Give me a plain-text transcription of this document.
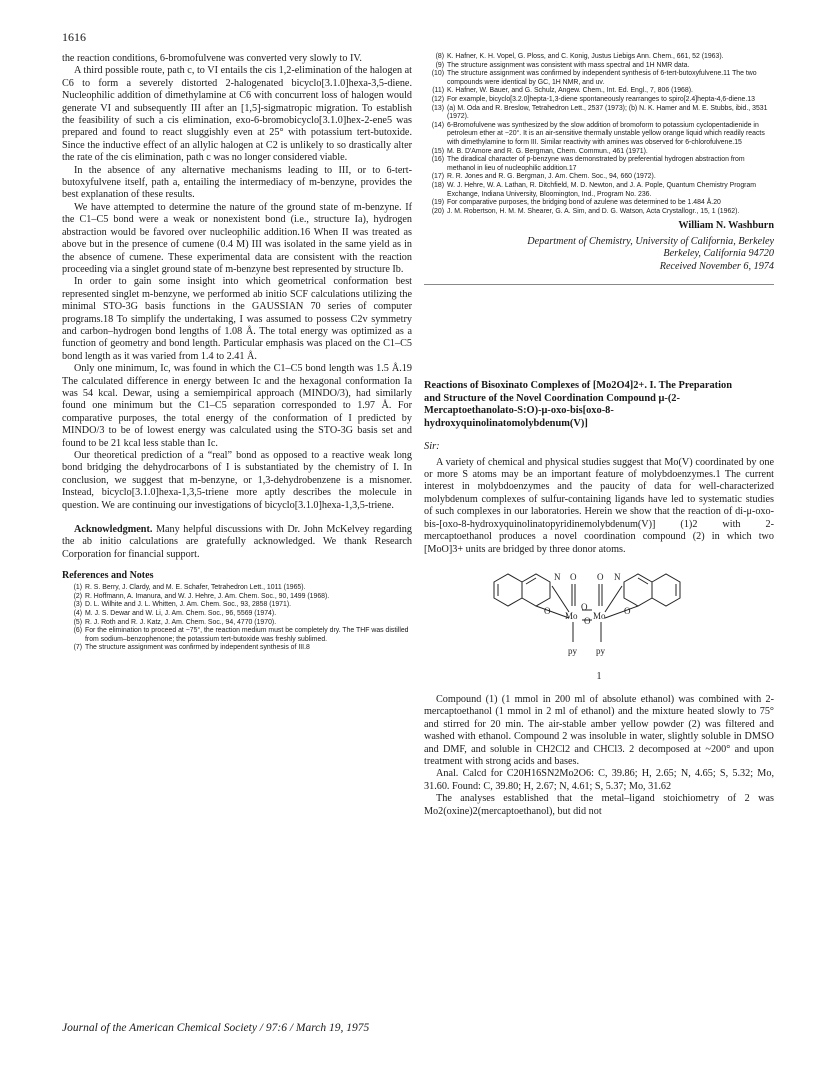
1616

the reaction conditions, 6-bromofulvene was converted very slowly to IV.

A third possible route, path c, to VI entails the cis 1,2-elimination of the halogen at C6 to form a severely distorted 2-halogenated bicyclo[3.1.0]hexa-3,5-diene. Nucleophilic addition of dimethylamine at C6 with concurrent loss of halogen would generate VI and subsequently III after an [1,5]-sigmatropic migration. To establish the feasibility of such a cis elimination, exo-6-bromobicyclo[3.1.0]hex-2-ene5 was prepared and found to react sluggishly even at 25° with potassium tert-butoxide. Since the inductive effect of an allylic halogen at C2 is unlikely to so drastically alter the rate of the cis elimination, path c was no longer considered viable.

In the absence of any alternative mechanisms leading to III, or to 6-tert-butoxyfulvene itself, path a, entailing the intermediacy of m-benzyne, provides the best explanation of these results.

We have attempted to determine the nature of the ground state of m-benzyne. If the C1–C5 bond were a weak or nonexistent bond (i.e., structure Ia), hydrogen abstraction would be favored over nucleophilic addition.16 When II was treated as above but in the presence of cumene (0.4 M) III was isolated in the same yield as in the absence of cumene. These experimental data are consistent with the reaction proceeding via a singlet ground state of m-benzyne best represented by structure Ib.

In order to gain some insight into which geometrical conformation best represented singlet m-benzyne, we performed ab initio SCF calculations utilizing the minimal STO-3G basis functions in the GAUSSIAN 70 series of computer programs.18 To simplify the undertaking, I was assumed to possess C2v symmetry and carbon–hydrogen bond lengths of 1.08 Å. The total energy was optimized as a function of geometry and bond length. Particular emphasis was placed on the C1–C5 bond length as it was varied from 1.4 to 2.41 Å.

Only one minimum, Ic, was found in which the C1–C5 bond length was 1.5 Å.19 The calculated difference in energy between Ic and the hexagonal conformation Ia was 54 kcal. Dewar, using a semiempirical approach (MINDO/3), had similarly found one minimum but the C1–C5 separation corresponded to 1.97 Å. For comparative purposes, the total energy of the conformation of I predicted by MINDO/3 to be of lowest energy was calculated using the STO-3G basis set and found to be 21 kcal less stable than Ic.

Our theoretical prediction of a “real” bond as opposed to a reactive weak long bond bridging the dehydrocarbons of I is substantiated by the chemistry of I. In conclusion, we suggest that m-benzyne, or 1,3-dehydrobenzene is a misnomer. Instead, bicyclo[3.1.0]hexa-1,3,5-triene more aptly describes the molecule in question. We are continuing our investigations of bicyclo[3.1.0]hexa-1,3,5-triene.

Acknowledgment. Many helpful discussions with Dr. John McKelvey regarding the ab initio calculations are gratefully acknowledged. We thank Research Corporation for financial support.

References and Notes
(1) R. S. Berry, J. Clardy, and M. E. Schafer, Tetrahedron Lett., 1011 (1965).
(2) R. Hoffmann, A. Imanura, and W. J. Hehre, J. Am. Chem. Soc., 90, 1499 (1968).
(3) D. L. Wilhite and J. L. Whitten, J. Am. Chem. Soc., 93, 2858 (1971).
(4) M. J. S. Dewar and W. Li, J. Am. Chem. Soc., 96, 5569 (1974).
(5) R. J. Roth and R. J. Katz, J. Am. Chem. Soc., 94, 4770 (1970).
(6) For the elimination to proceed at −75°, the reaction medium must be completely dry. The THF was distilled from sodium–benzophenone; the potassium tert-butoxide was freshly sublimed.
(7) The structure assignment was confirmed by independent synthesis of III.8
(8) K. Hafner, K. H. Vopel, G. Ploss, and C. Konig, Justus Liebigs Ann. Chem., 661, 52 (1963).
(9) The structure assignment was consistent with mass spectral and 1H NMR data.
(10) The structure assignment was confirmed by independent synthesis of 6-tert-butoxyfulvene.11 The two compounds were identical by GC, 1H NMR, and uv.
(11) K. Hafner, W. Bauer, and G. Schulz, Angew. Chem., Int. Ed. Engl., 7, 806 (1968).
(12) For example, bicyclo[3.2.0]hepta-1,3-diene spontaneously rearranges to spiro[2.4]hepta-4,6-diene.13
(13) (a) M. Oda and R. Breslow, Tetrahedron Lett., 2537 (1973); (b) N. K. Hamer and M. E. Stubbs, ibid., 3531 (1972).
(14) 6-Bromofulvene was synthesized by the slow addition of bromoform to potassium cyclopentadienide in petroleum ether at −20°. It is an air-sensitive thermally unstable yellow orange liquid which readily reacts with dimethylamine to form III. Similar reactivity with amines was observed for 6-chlorofulvene.15
(15) M. B. D'Amore and R. G. Bergman, Chem. Commun., 461 (1971).
(16) The diradical character of p-benzyne was demonstrated by preferential hydrogen abstraction from methanol in lieu of nucleophilic addition.17
(17) R. R. Jones and R. G. Bergman, J. Am. Chem. Soc., 94, 660 (1972).
(18) W. J. Hehre, W. A. Lathan, R. Ditchfield, M. D. Newton, and J. A. Pople, Quantum Chemistry Program Exchange, Indiana University, Bloomington, Ind., Program No. 236.
(19) For comparative purposes, the bridging bond of azulene was determined to be 1.484 Å.20
(20) J. M. Robertson, H. M. M. Shearer, G. A. Sim, and D. G. Watson, Acta Crystallogr., 15, 1 (1962).
William N. Washburn
Department of Chemistry, University of California, Berkeley
Berkeley, California 94720
Received November 6, 1974
Reactions of Bisoxinato Complexes of [Mo2O4]2+. I. The Preparation and Structure of the Novel Coordination Compound μ-(2-Mercaptoethanolato-S:O)-μ-oxo-bis[oxo-8-hydroxyquinolinatomolybdenum(V)]
Sir:

A variety of chemical and physical studies suggest that Mo(V) coordinated by one or more S atoms may be an important feature of molybdoenzymes.1 The current interest in molybdoenzymes and the paucity of data for well-characterized molybdenum complexes of sulfur-containing ligands have led to systematic studies of such complexes in our laboratories. Herein we show that the reaction of di-μ-oxo-bis-[oxo-8-hydroxyquinolinatopyridinemolybdenum(V)] (1)2 with 2-mercaptoethanol produces a novel coordination compound (2) in which two [MoO]3+ units are bridged by three donor atoms.

N	N
O O
O	O
O
O
Mo Mo
py py
1

Compound (1) (1 mmol in 200 ml of absolute ethanol) was combined with 2-mercaptoethanol (1 mmol in 2 ml of ethanol) and the mixture heated slowly to 75° and stirred for 20 min. The air-stable amber yellow powder (2) was filtered and washed with ethanol. Compound 2 was insoluble in water, slightly soluble in DMSO and DMF, and soluble in CH2Cl2 and CHCl3. 2 decomposed at ~200° and upon treatment with strong acids and bases.

Anal. Calcd for C20H16SN2Mo2O6: C, 39.86; H, 2.65; N, 4.65; S, 5.32; Mo, 31.60. Found: C, 39.80; H, 2.67; N, 4.61; S, 5.37; Mo, 31.62

The analyses established that the metal–ligand stoichiometry of 2 was Mo2(oxine)2(mercaptoethanol), but did not

Journal of the American Chemical Society / 97:6 / March 19, 1975
